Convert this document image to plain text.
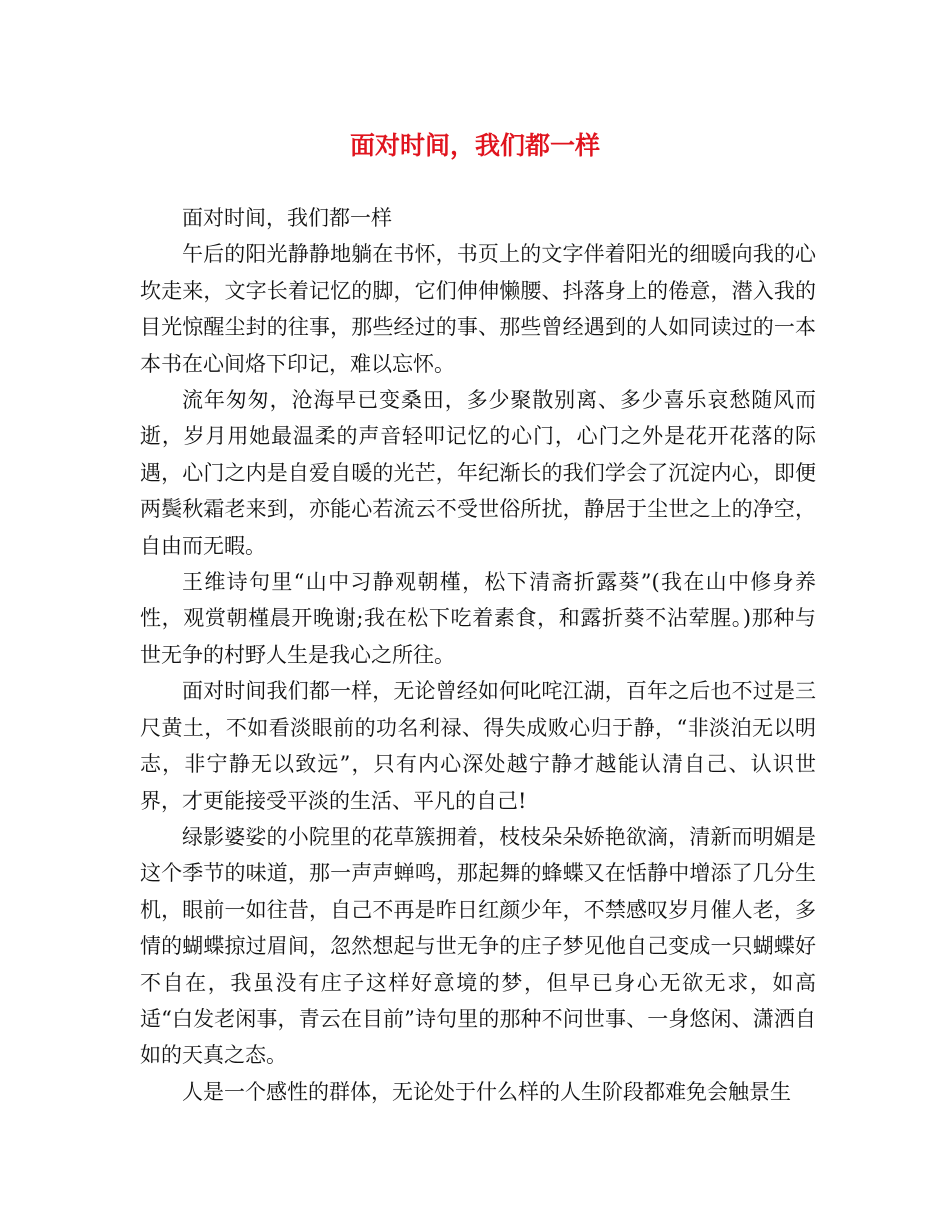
面对时间，我们都一样

面对时间，我们都一样

午后的阳光静静地躺在书怀，书页上的文字伴着阳光的细暖向我的心坎走来，文字长着记忆的脚，它们伸伸懒腰、抖落身上的倦意，潜入我的目光惊醒尘封的往事，那些经过的事、那些曾经遇到的人如同读过的一本本书在心间烙下印记，难以忘怀。

流年匆匆，沧海早已变桑田，多少聚散别离、多少喜乐哀愁随风而逝，岁月用她最温柔的声音轻叩记忆的心门，心门之外是花开花落的际遇，心门之内是自爱自暖的光芒，年纪渐长的我们学会了沉淀内心，即便两鬓秋霜老来到，亦能心若流云不受世俗所扰，静居于尘世之上的净空，自由而无暇。

王维诗句里“山中习静观朝槿，松下清斋折露葵”(我在山中修身养性，观赏朝槿晨开晚谢;我在松下吃着素食，和露折葵不沾荤腥。)那种与世无争的村野人生是我心之所往。

面对时间我们都一样，无论曾经如何叱咤江湖，百年之后也不过是三尺黄土，不如看淡眼前的功名利禄、得失成败心归于静，“非淡泊无以明志，非宁静无以致远”，只有内心深处越宁静才越能认清自己、认识世界，才更能接受平淡的生活、平凡的自己!

绿影婆娑的小院里的花草簇拥着，枝枝朵朵娇艳欲滴，清新而明媚是这个季节的味道，那一声声蝉鸣，那起舞的蜂蝶又在恬静中增添了几分生机，眼前一如往昔，自己不再是昨日红颜少年，不禁感叹岁月催人老，多情的蝴蝶掠过眉间，忽然想起与世无争的庄子梦见他自己变成一只蝴蝶好不自在，我虽没有庄子这样好意境的梦，但早已身心无欲无求，如高适“白发老闲事，青云在目前”诗句里的那种不问世事、一身悠闲、潇洒自如的天真之态。

人是一个感性的群体，无论处于什么样的人生阶段都难免会触景生
